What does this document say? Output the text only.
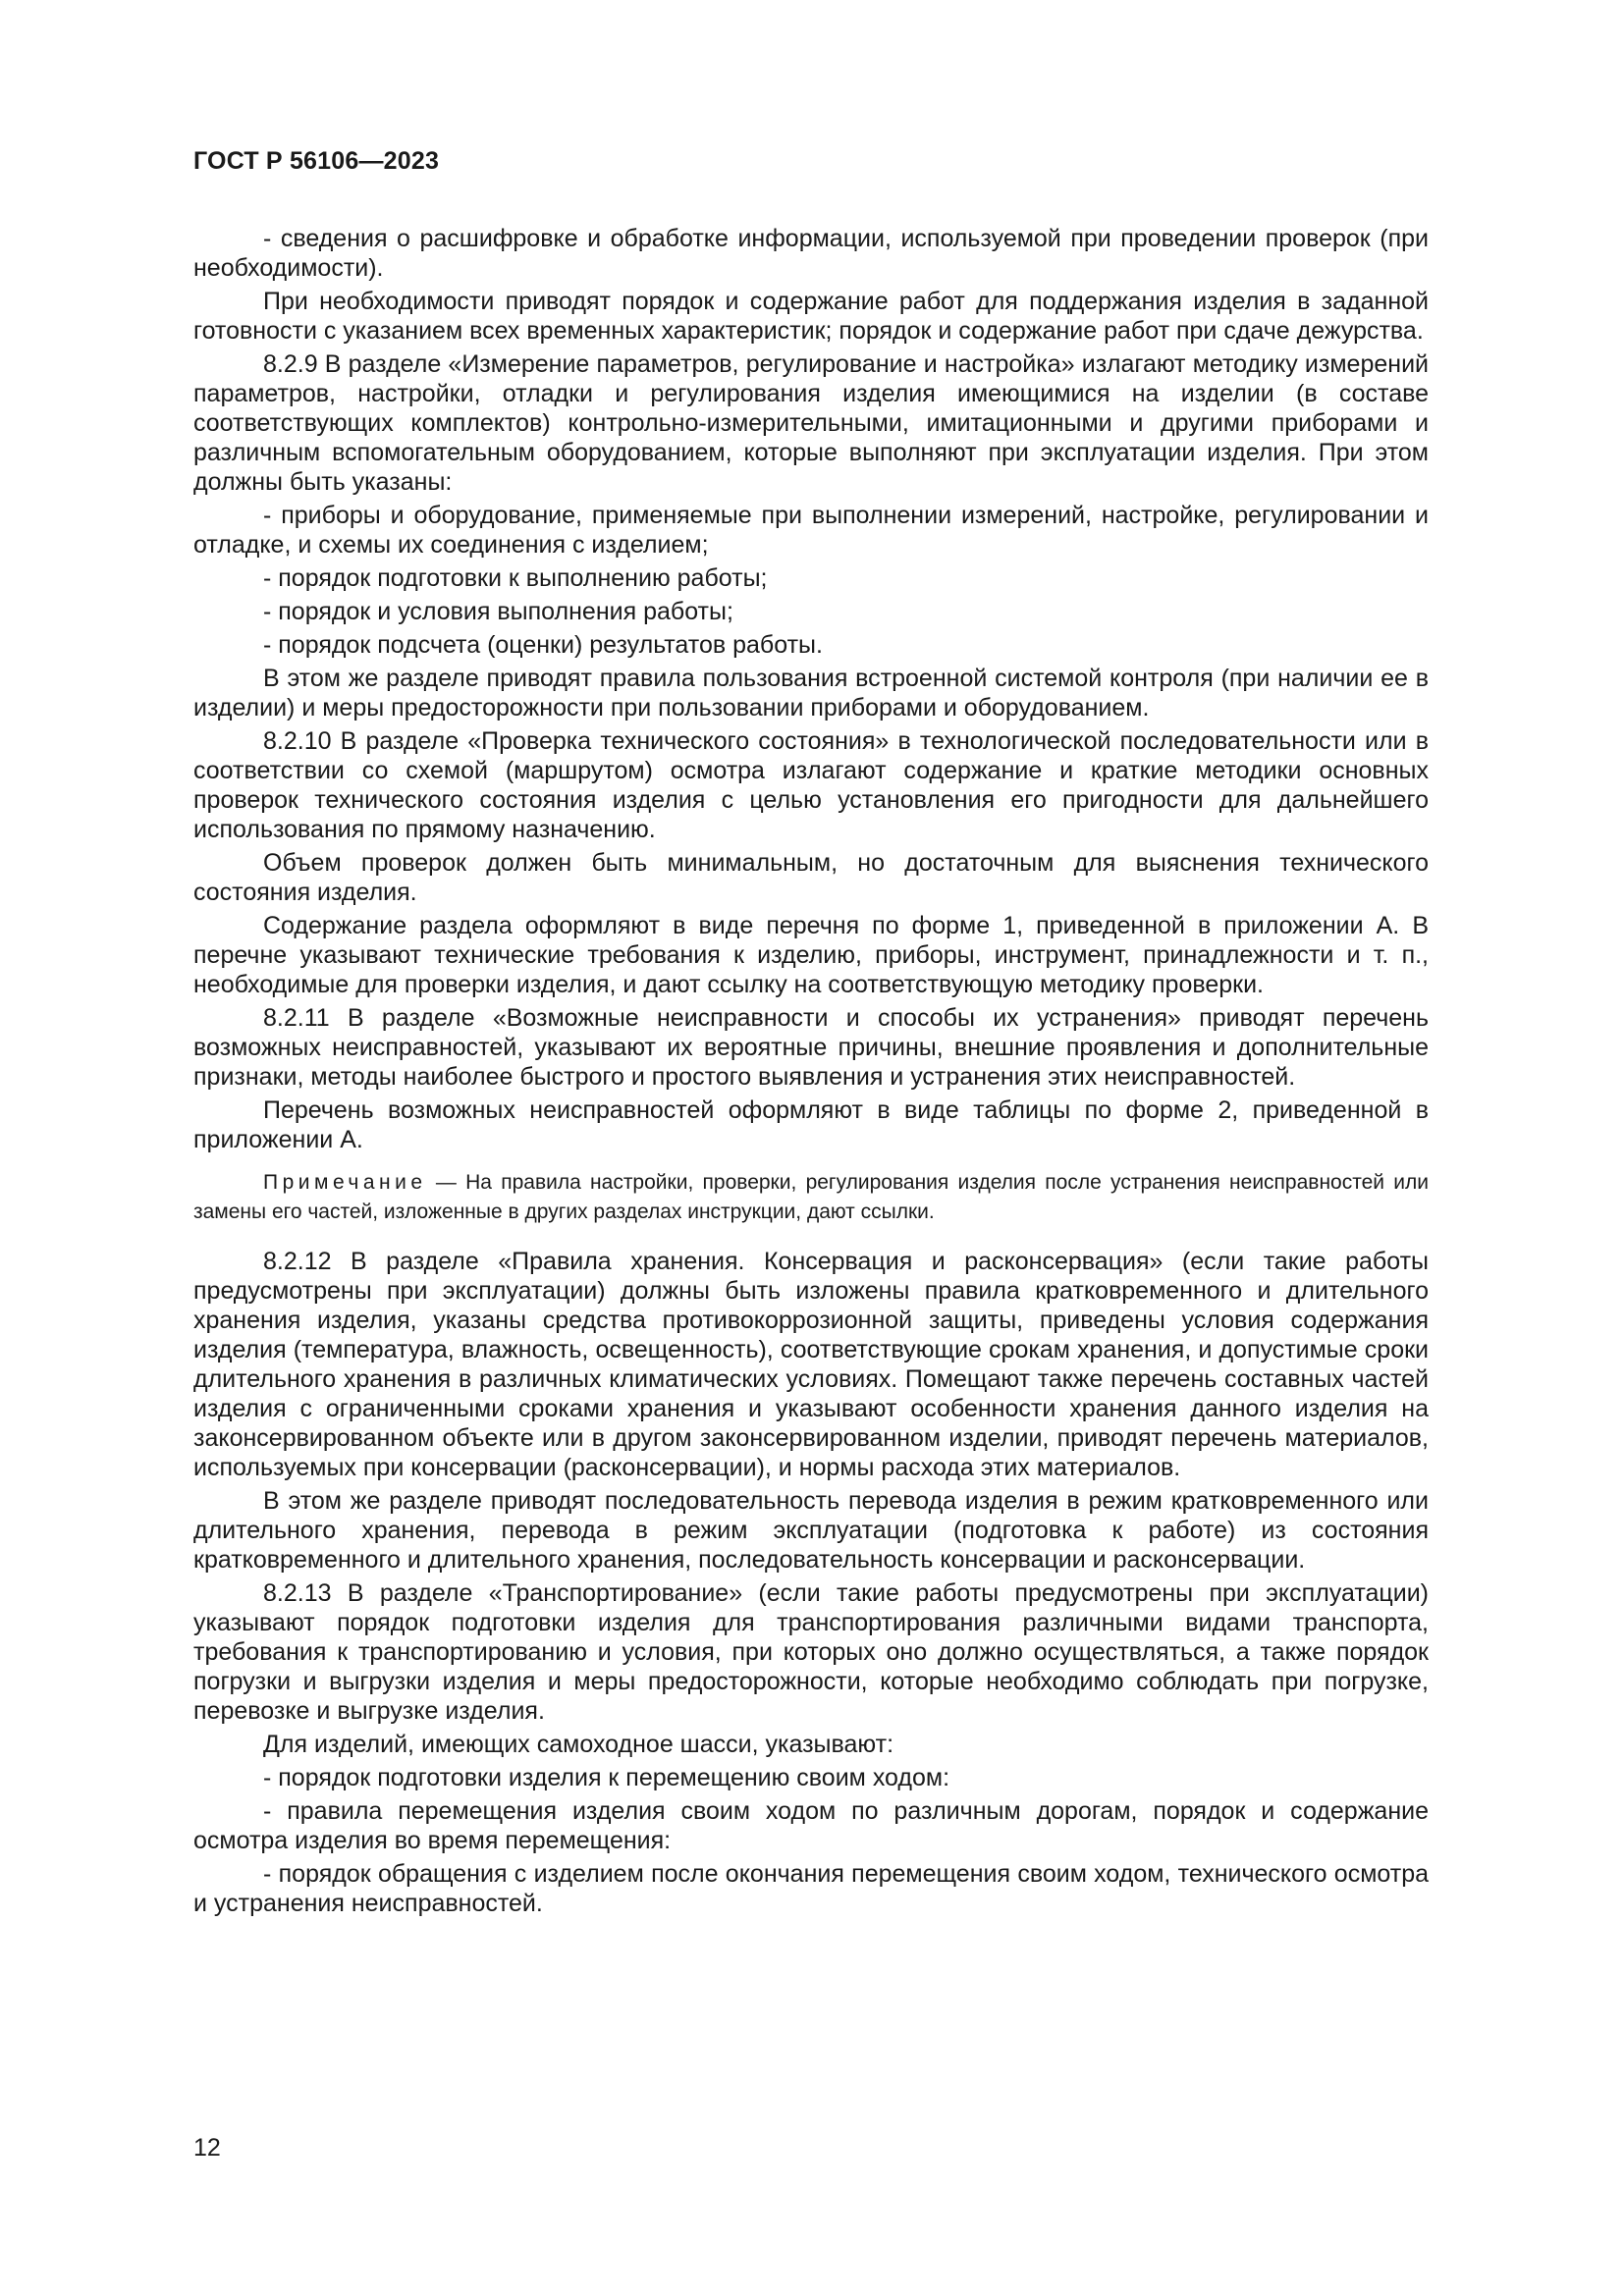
ГОСТ Р 56106—2023

- сведения о расшифровке и обработке информации, используемой при проведении проверок (при необходимости).

При необходимости приводят порядок и содержание работ для поддержания изделия в заданной готовности с указанием всех временных характеристик; порядок и содержание работ при сдаче дежурства.

8.2.9 В разделе «Измерение параметров, регулирование и настройка» излагают методику измерений параметров, настройки, отладки и регулирования изделия имеющимися на изделии (в составе соответствующих комплектов) контрольно-измерительными, имитационными и другими приборами и различным вспомогательным оборудованием, которые выполняют при эксплуатации изделия. При этом должны быть указаны:

- приборы и оборудование, применяемые при выполнении измерений, настройке, регулировании и отладке, и схемы их соединения с изделием;

- порядок подготовки к выполнению работы;

- порядок и условия выполнения работы;

- порядок подсчета (оценки) результатов работы.

В этом же разделе приводят правила пользования встроенной системой контроля (при наличии ее в изделии) и меры предосторожности при пользовании приборами и оборудованием.

8.2.10 В разделе «Проверка технического состояния» в технологической последовательности или в соответствии со схемой (маршрутом) осмотра излагают содержание и краткие методики основных проверок технического состояния изделия с целью установления его пригодности для дальнейшего использования по прямому назначению.

Объем проверок должен быть минимальным, но достаточным для выяснения технического состояния изделия.

Содержание раздела оформляют в виде перечня по форме 1, приведенной в приложении А. В перечне указывают технические требования к изделию, приборы, инструмент, принадлежности и т. п., необходимые для проверки изделия, и дают ссылку на соответствующую методику проверки.

8.2.11 В разделе «Возможные неисправности и способы их устранения» приводят перечень возможных неисправностей, указывают их вероятные причины, внешние проявления и дополнительные признаки, методы наиболее быстрого и простого выявления и устранения этих неисправностей.

Перечень возможных неисправностей оформляют в виде таблицы по форме 2, приведенной в приложении А.

Примечание — На правила настройки, проверки, регулирования изделия после устранения неисправностей или замены его частей, изложенные в других разделах инструкции, дают ссылки.

8.2.12 В разделе «Правила хранения. Консервация и расконсервация» (если такие работы предусмотрены при эксплуатации) должны быть изложены правила кратковременного и длительного хранения изделия, указаны средства противокоррозионной защиты, приведены условия содержания изделия (температура, влажность, освещенность), соответствующие срокам хранения, и допустимые сроки длительного хранения в различных климатических условиях. Помещают также перечень составных частей изделия с ограниченными сроками хранения и указывают особенности хранения данного изделия на законсервированном объекте или в другом законсервированном изделии, приводят перечень материалов, используемых при консервации (расконсервации), и нормы расхода этих материалов.

В этом же разделе приводят последовательность перевода изделия в режим кратковременного или длительного хранения, перевода в режим эксплуатации (подготовка к работе) из состояния кратковременного и длительного хранения, последовательность консервации и расконсервации.

8.2.13 В разделе «Транспортирование» (если такие работы предусмотрены при эксплуатации) указывают порядок подготовки изделия для транспортирования различными видами транспорта, требования к транспортированию и условия, при которых оно должно осуществляться, а также порядок погрузки и выгрузки изделия и меры предосторожности, которые необходимо соблюдать при погрузке, перевозке и выгрузке изделия.

Для изделий, имеющих самоходное шасси, указывают:

- порядок подготовки изделия к перемещению своим ходом:

- правила перемещения изделия своим ходом по различным дорогам, порядок и содержание осмотра изделия во время перемещения:

- порядок обращения с изделием после окончания перемещения своим ходом, технического осмотра и устранения неисправностей.

12
